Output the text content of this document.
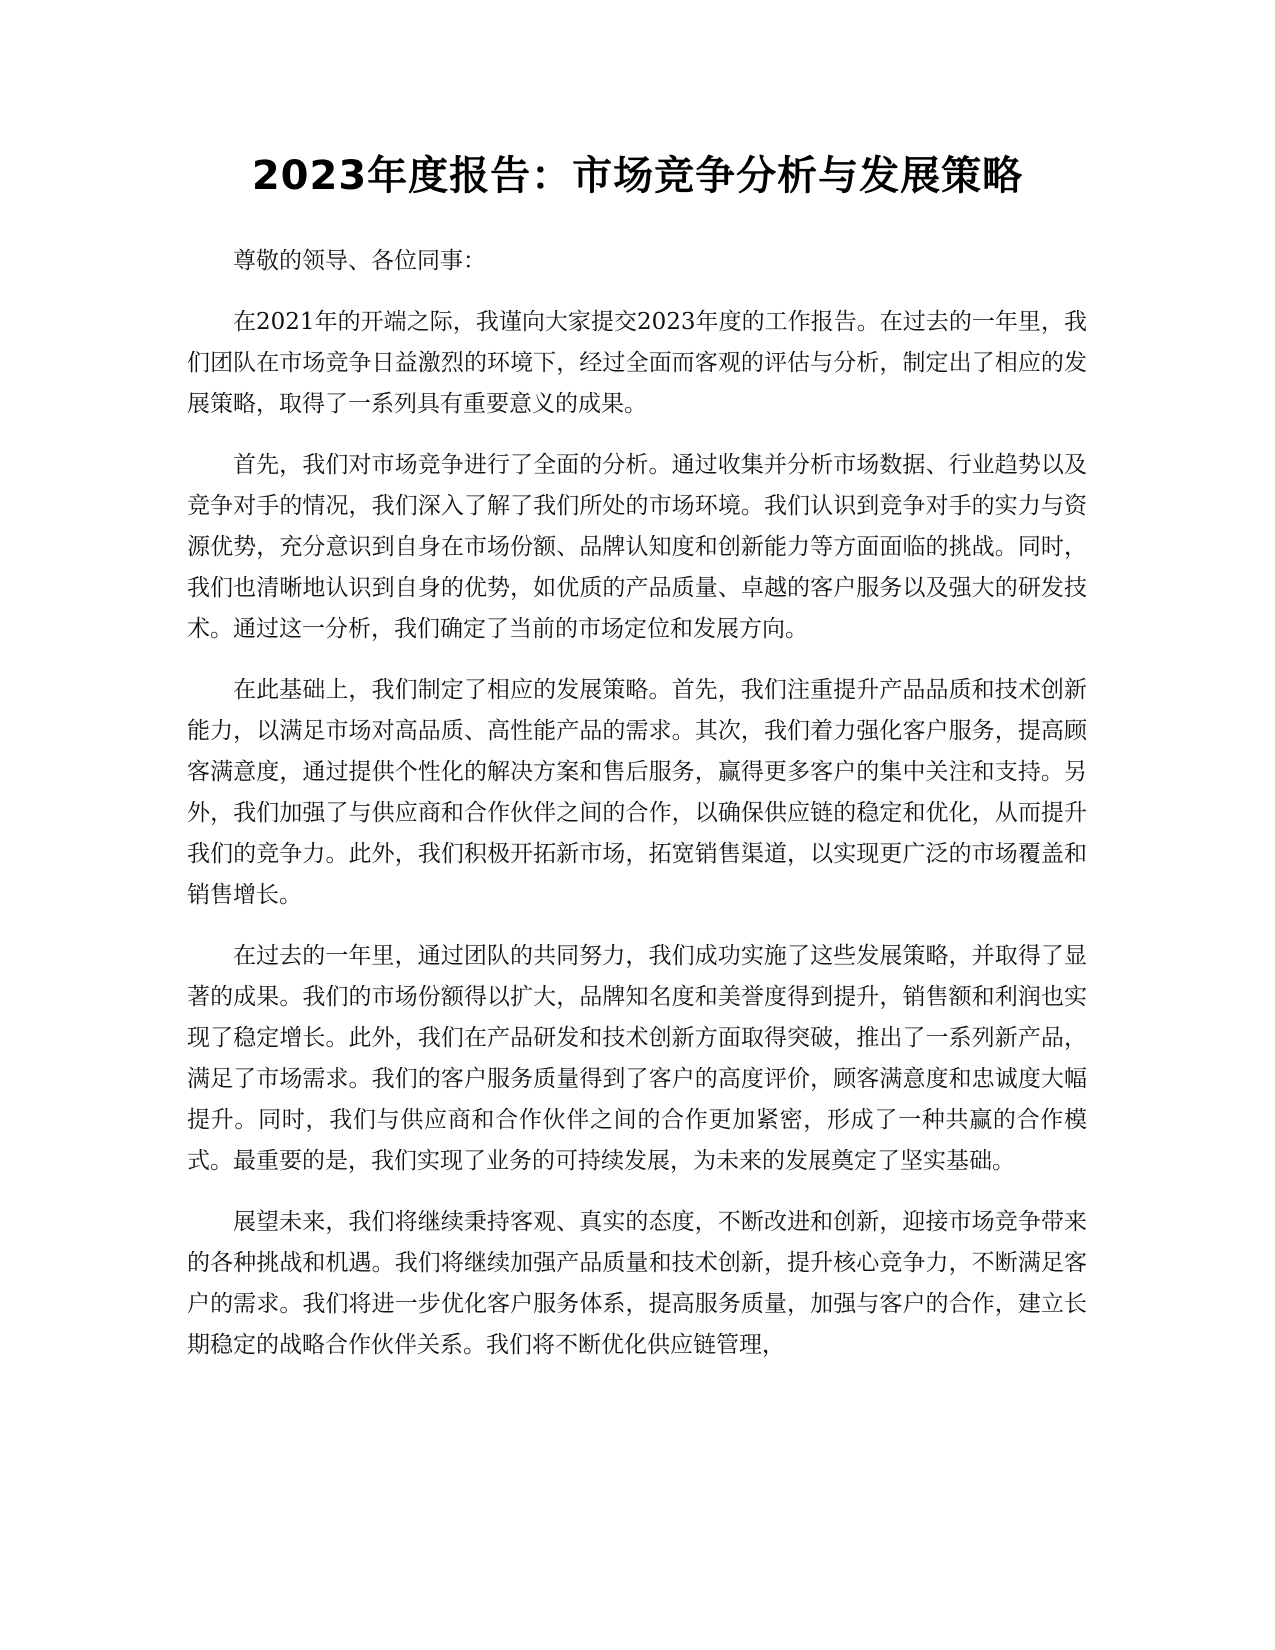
2023年度报告：市场竞争分析与发展策略

尊敬的领导、各位同事：

在2021年的开端之际，我谨向大家提交2023年度的工作报告。在过去的一年里，我们团队在市场竞争日益激烈的环境下，经过全面而客观的评估与分析，制定出了相应的发展策略，取得了一系列具有重要意义的成果。

首先，我们对市场竞争进行了全面的分析。通过收集并分析市场数据、行业趋势以及竞争对手的情况，我们深入了解了我们所处的市场环境。我们认识到竞争对手的实力与资源优势，充分意识到自身在市场份额、品牌认知度和创新能力等方面面临的挑战。同时，我们也清晰地认识到自身的优势，如优质的产品质量、卓越的客户服务以及强大的研发技术。通过这一分析，我们确定了当前的市场定位和发展方向。

在此基础上，我们制定了相应的发展策略。首先，我们注重提升产品品质和技术创新能力，以满足市场对高品质、高性能产品的需求。其次，我们着力强化客户服务，提高顾客满意度，通过提供个性化的解决方案和售后服务，赢得更多客户的集中关注和支持。另外，我们加强了与供应商和合作伙伴之间的合作，以确保供应链的稳定和优化，从而提升我们的竞争力。此外，我们积极开拓新市场，拓宽销售渠道，以实现更广泛的市场覆盖和销售增长。

在过去的一年里，通过团队的共同努力，我们成功实施了这些发展策略，并取得了显著的成果。我们的市场份额得以扩大，品牌知名度和美誉度得到提升，销售额和利润也实现了稳定增长。此外，我们在产品研发和技术创新方面取得突破，推出了一系列新产品，满足了市场需求。我们的客户服务质量得到了客户的高度评价，顾客满意度和忠诚度大幅提升。同时，我们与供应商和合作伙伴之间的合作更加紧密，形成了一种共赢的合作模式。最重要的是，我们实现了业务的可持续发展，为未来的发展奠定了坚实基础。

展望未来，我们将继续秉持客观、真实的态度，不断改进和创新，迎接市场竞争带来的各种挑战和机遇。我们将继续加强产品质量和技术创新，提升核心竞争力，不断满足客户的需求。我们将进一步优化客户服务体系，提高服务质量，加强与客户的合作，建立长期稳定的战略合作伙伴关系。我们将不断优化供应链管理，
